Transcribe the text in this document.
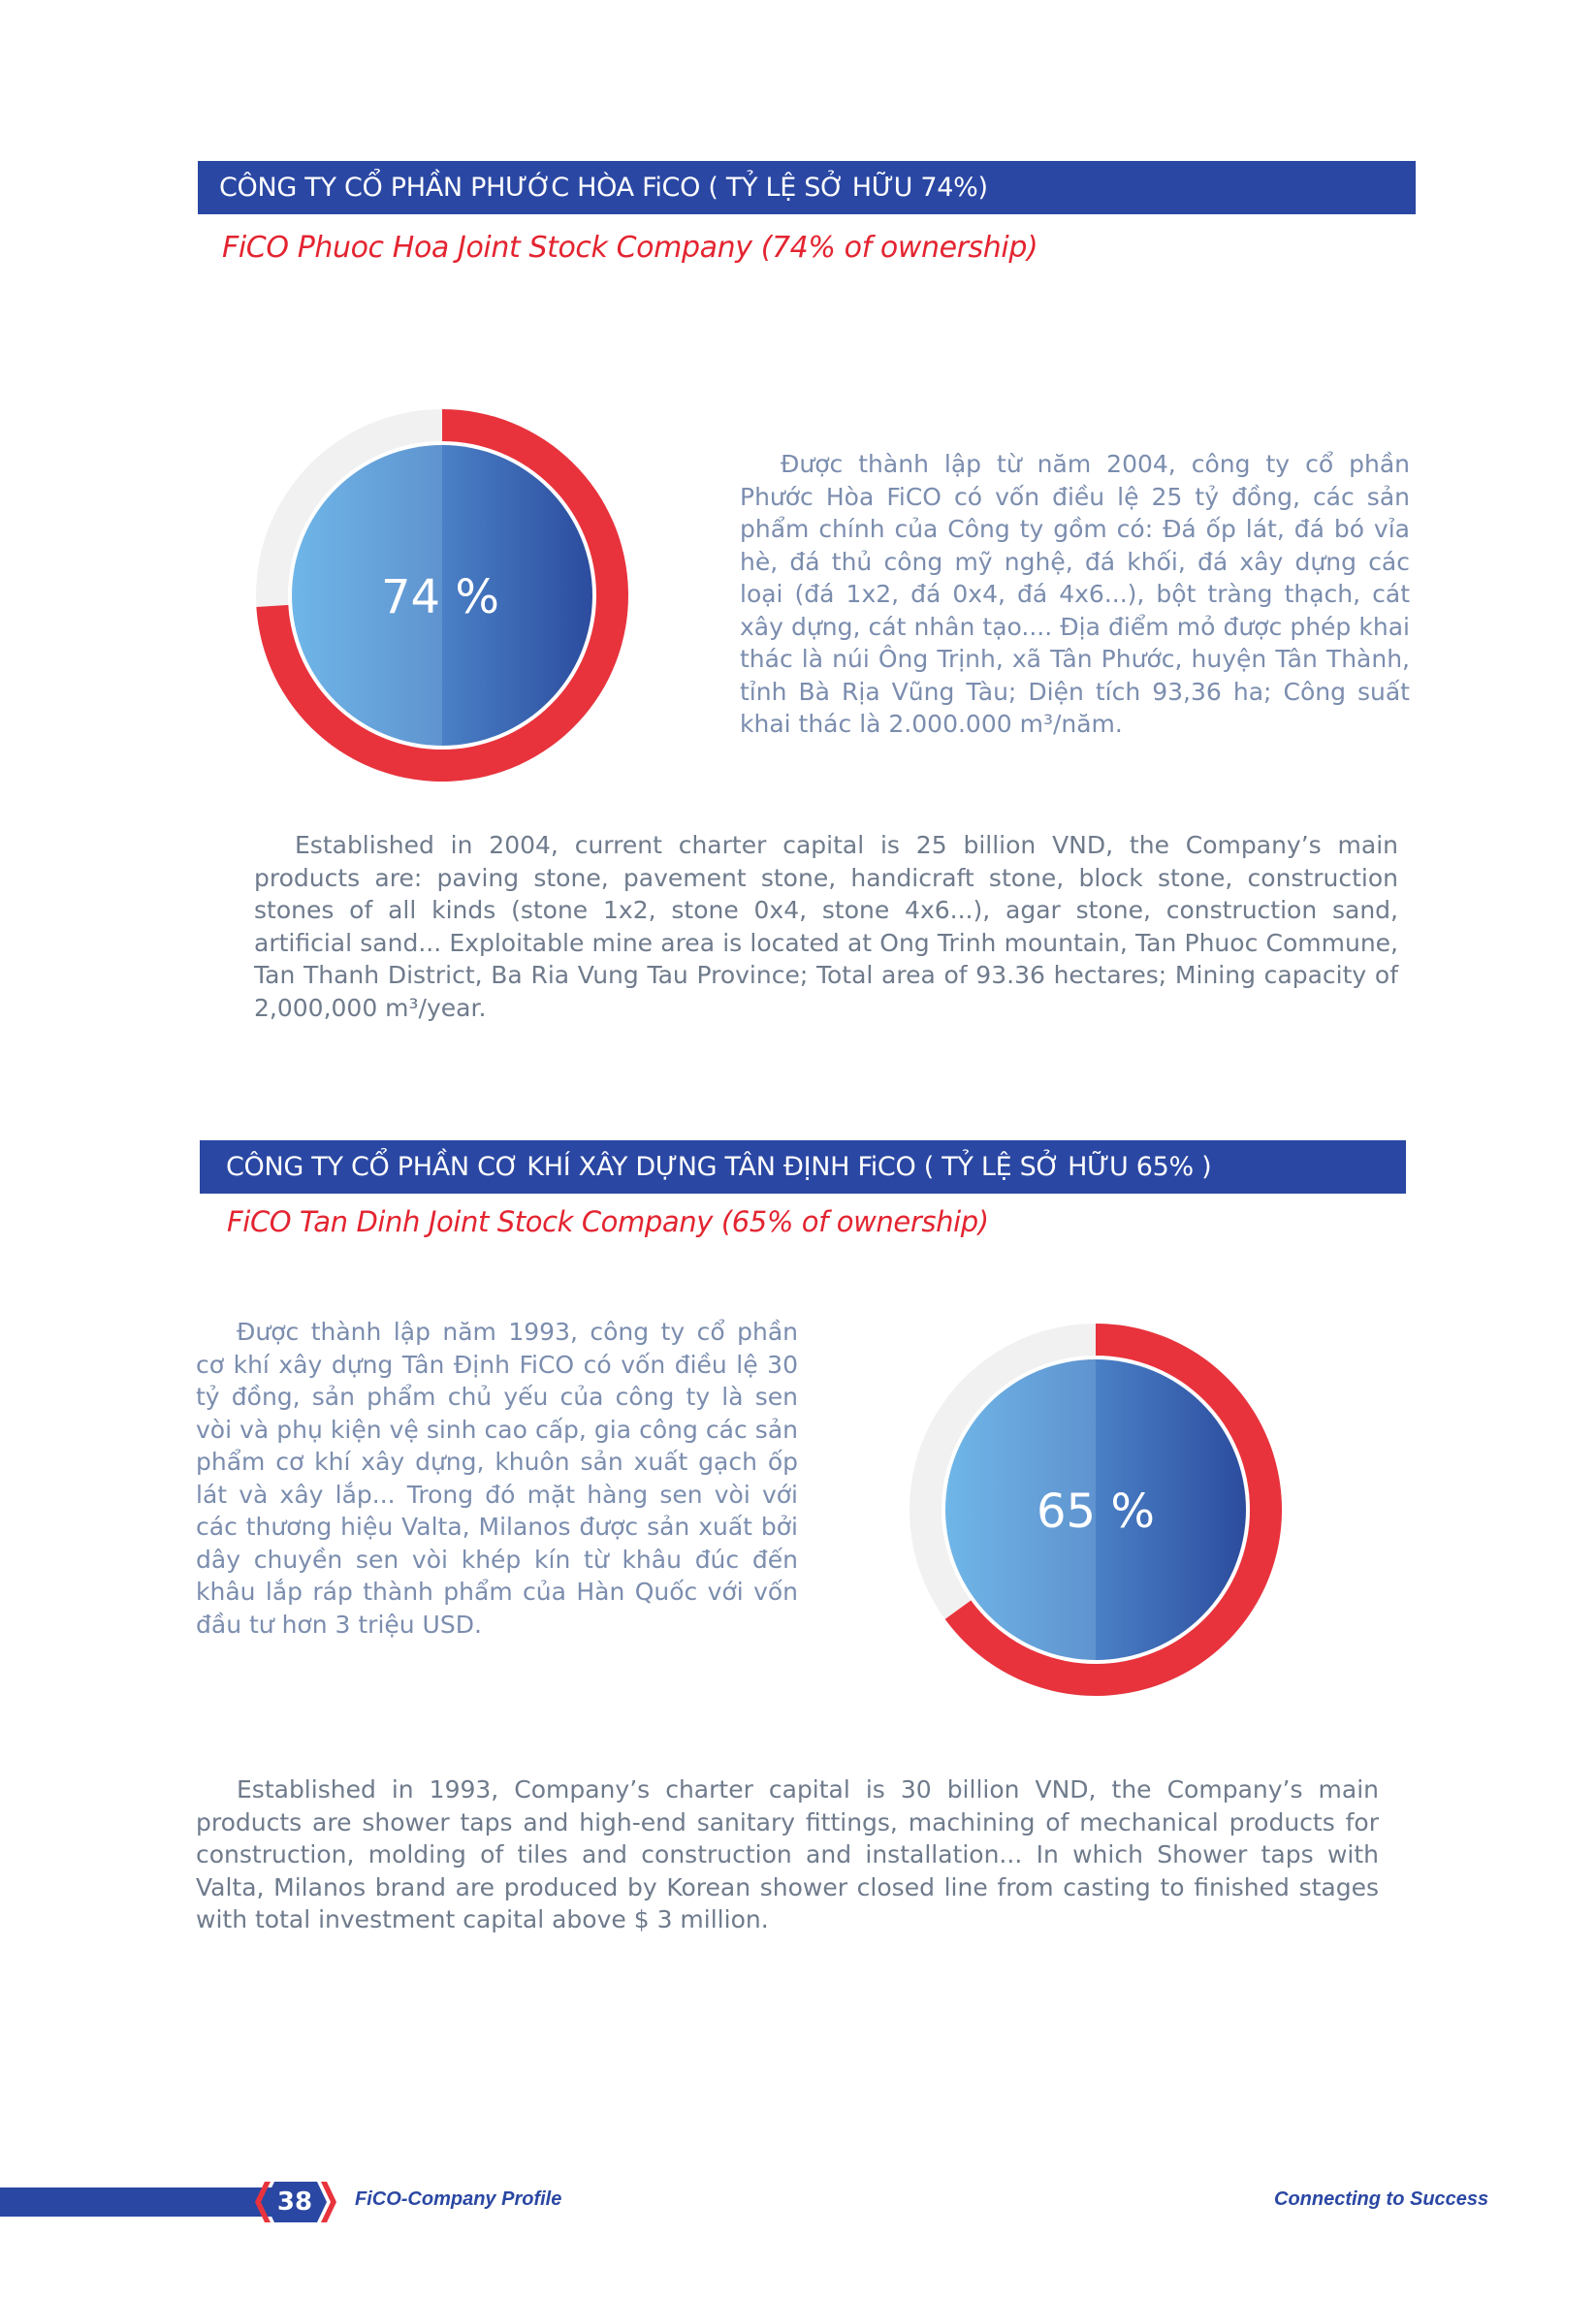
CÔNG TY CỔ PHẦN PHƯỚC HÒA FiCO ( TỶ LỆ SỞ HỮU 74%)
FiCO Phuoc Hoa Joint Stock Company (74% of ownership)
74 %

Được thành lập từ năm 2004, công ty cổ phần Phước Hòa FiCO có vốn điều lệ 25 tỷ đồng, các sản phẩm chính của Công ty gồm có: Đá ốp lát, đá bó vỉa hè, đá thủ công mỹ nghệ, đá khối, đá xây dựng các loại (đá 1x2, đá 0x4, đá 4x6...), bột tràng thạch, cát xây dựng, cát nhân tạo.... Địa điểm mỏ được phép khai thác là núi Ông Trịnh, xã Tân Phước, huyện Tân Thành, tỉnh Bà Rịa Vũng Tàu; Diện tích 93,36 ha; Công suất khai thác là 2.000.000 m³/năm.

Established in 2004, current charter capital is 25 billion VND, the Company’s main products are: paving stone, pavement stone, handicraft stone, block stone, construction stones of all kinds (stone 1x2, stone 0x4, stone 4x6...), agar stone, construction sand, artificial sand... Exploitable mine area is located at Ong Trinh mountain, Tan Phuoc Commune, Tan Thanh District, Ba Ria Vung Tau Province; Total area of 93.36 hectares; Mining capacity of 2,000,000 m³/year.

CÔNG TY CỔ PHẦN CƠ KHÍ XÂY DỰNG TÂN ĐỊNH FiCO ( TỶ LỆ SỞ HỮU 65% )
FiCO Tan Dinh Joint Stock Company (65% of ownership)

Được thành lập năm 1993, công ty cổ phần cơ khí xây dựng Tân Định FiCO có vốn điều lệ 30 tỷ đồng, sản phẩm chủ yếu của công ty là sen vòi và phụ kiện vệ sinh cao cấp, gia công các sản phẩm cơ khí xây dựng, khuôn sản xuất gạch ốp lát và xây lắp... Trong đó mặt hàng sen vòi với các thương hiệu Valta, Milanos được sản xuất bởi dây chuyền sen vòi khép kín từ khâu đúc đến khâu lắp ráp thành phẩm của Hàn Quốc với vốn đầu tư hơn 3 triệu USD.

65 %

Established in 1993, Company’s charter capital is 30 billion VND, the Company’s main products are shower taps and high-end sanitary fittings, machining of mechanical products for construction, molding of tiles and construction and installation... In which Shower taps with Valta, Milanos brand are produced by Korean shower closed line from casting to finished stages with total investment capital above $ 3 million.

38 FiCO-Company Profile	Connecting to Success
